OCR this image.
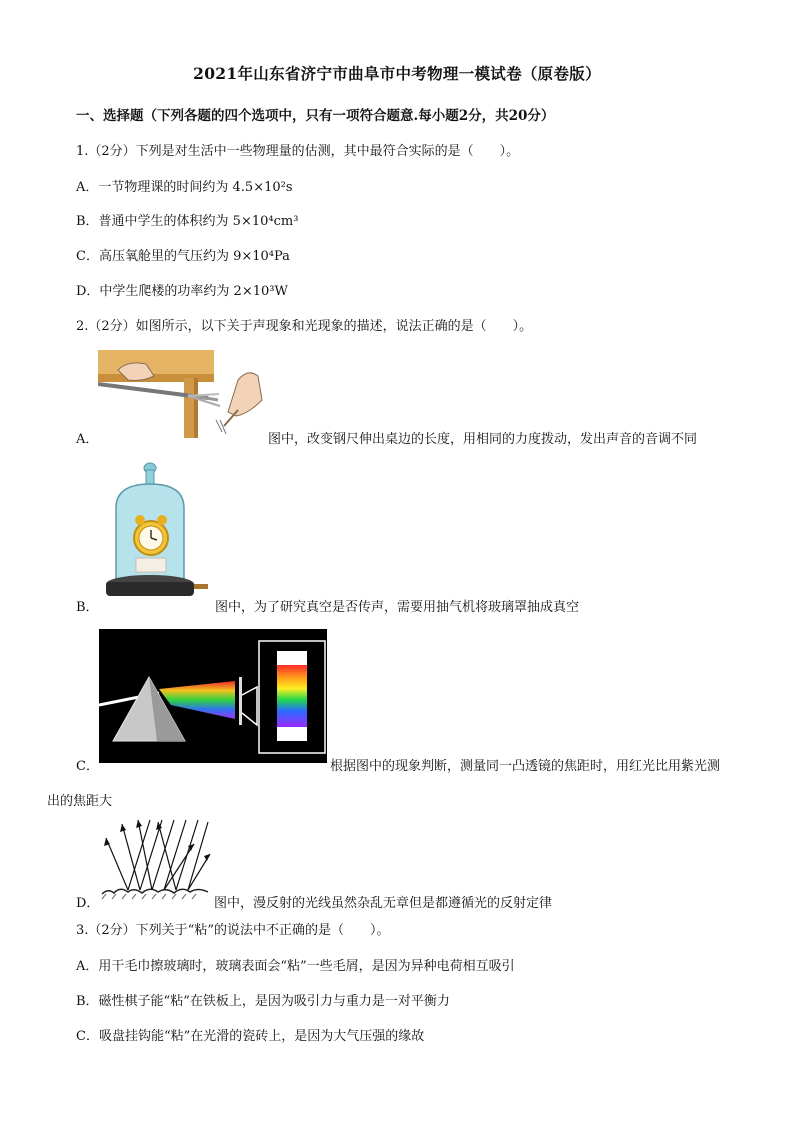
2021年山东省济宁市曲阜市中考物理一模试卷（原卷版）
一、选择题（下列各题的四个选项中，只有一项符合题意.每小题2分，共20分）
1.（2分）下列是对生活中一些物理量的估测，其中最符合实际的是（　　）。
A．一节物理课的时间约为 4.5×10²s
B．普通中学生的体积约为 5×10⁴cm³
C．高压氧舱里的气压约为 9×10⁴Pa
D．中学生爬楼的功率约为 2×10³W
2.（2分）如图所示，以下关于声现象和光现象的描述，说法正确的是（　　）。
A．	图中，改变钢尺伸出桌边的长度，用相同的力度拨动，发出声音的音调不同
B．	图中，为了研究真空是否传声，需要用抽气机将玻璃罩抽成真空
C．	根据图中的现象判断，测量同一凸透镜的焦距时，用红光比用紫光测
出的焦距大
D．	图中，漫反射的光线虽然杂乱无章但是都遵循光的反射定律
3.（2分）下列关于“粘”的说法中不正确的是（　　）。
A．用干毛巾擦玻璃时，玻璃表面会“粘”一些毛屑，是因为异种电荷相互吸引
B．磁性棋子能“粘”在铁板上，是因为吸引力与重力是一对平衡力
C．吸盘挂钩能“粘”在光滑的瓷砖上，是因为大气压强的缘故
